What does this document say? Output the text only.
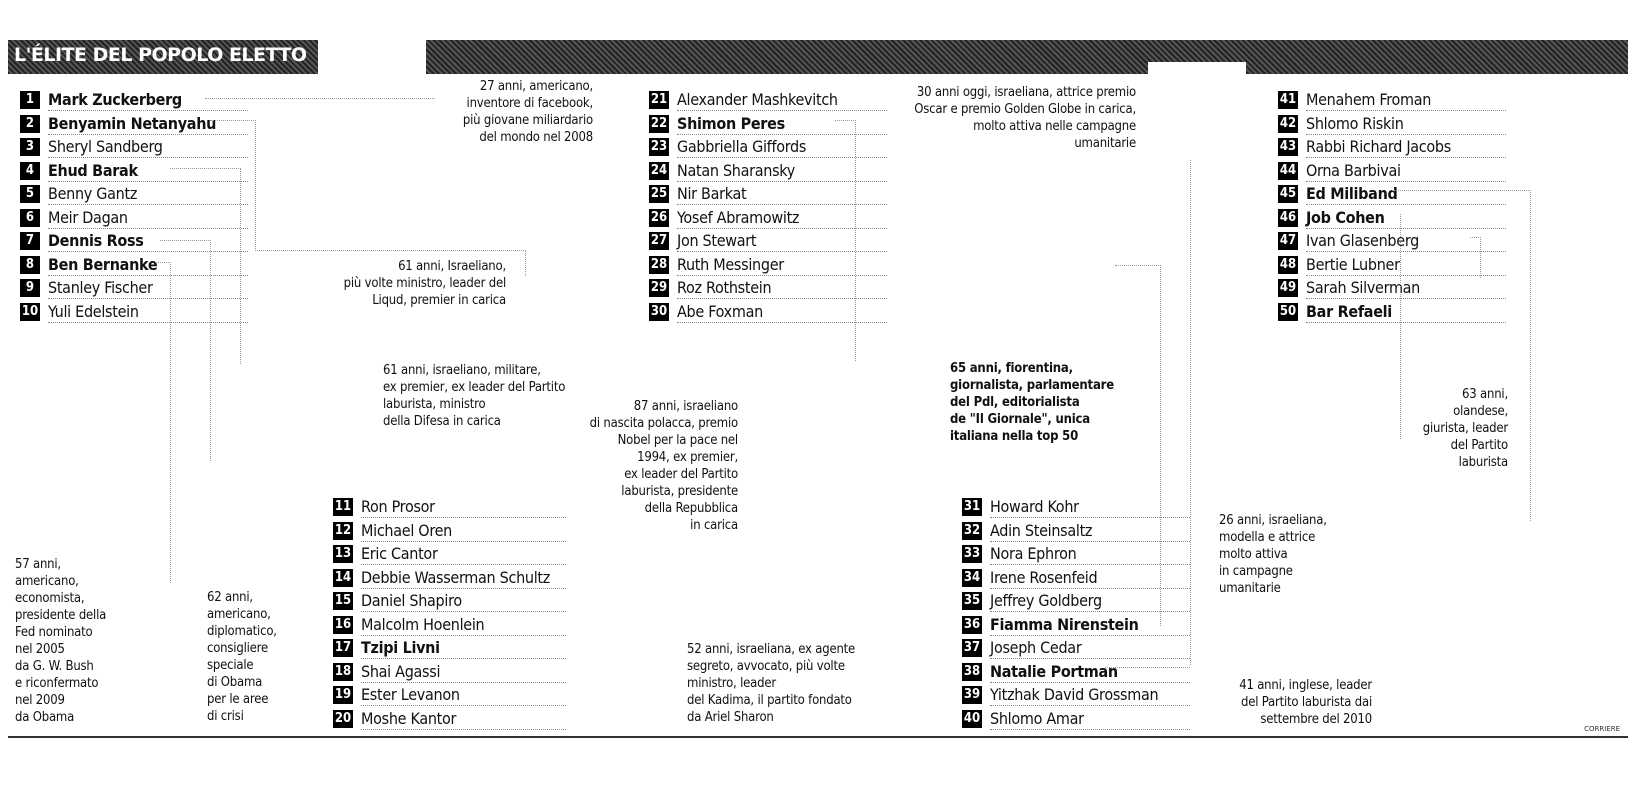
L'ÉLITE DEL POPOLO ELETTO
1 Mark Zuckerberg
2 Benyamin Netanyahu
3 Sheryl Sandberg
4 Ehud Barak
5 Benny Gantz
6 Meir Dagan
7 Dennis Ross
8 Ben Bernanke
9 Stanley Fischer
10 Yuli Edelstein
21 Alexander Mashkevitch
22 Shimon Peres
23 Gabbriella Giffords
24 Natan Sharansky
25 Nir Barkat
26 Yosef Abramowitz
27 Jon Stewart
28 Ruth Messinger
29 Roz Rothstein
30 Abe Foxman
41 Menahem Froman
42 Shlomo Riskin
43 Rabbi Richard Jacobs
44 Orna Barbivai
45 Ed Miliband
46 Job Cohen
47 Ivan Glasenberg
48 Bertie Lubner
49 Sarah Silverman
50 Bar Refaeli
11 Ron Prosor
12 Michael Oren
13 Eric Cantor
14 Debbie Wasserman Schultz
15 Daniel Shapiro
16 Malcolm Hoenlein
17 Tzipi Livni
18 Shai Agassi
19 Ester Levanon
20 Moshe Kantor
31 Howard Kohr
32 Adin Steinsaltz
33 Nora Ephron
34 Irene Rosenfeid
35 Jeffrey Goldberg
36 Fiamma Nirenstein
37 Joseph Cedar
38 Natalie Portman
39 Yitzhak David Grossman
40 Shlomo Amar
27 anni, americano,
inventore di facebook,
più giovane miliardario
del mondo nel 2008
61 anni, Israeliano,
più volte ministro, leader del
Liqud, premier in carica
61 anni, israeliano, militare,
ex premier, ex leader del Partito
laburista, ministro
della Difesa in carica
87 anni, israeliano
di nascita polacca, premio
Nobel per la pace nel
1994, ex premier,
ex leader del Partito
laburista, presidente
della Repubblica
in carica
30 anni oggi, israeliana, attrice premio
Oscar e premio Golden Globe in carica,
molto attiva nelle campagne
umanitarie
65 anni, fiorentina,
giornalista, parlamentare
del Pdl, editorialista
de "Il Giornale", unica
italiana nella top 50
63 anni,
olandese,
giurista, leader
del Partito
laburista
26 anni, israeliana,
modella e attrice
molto attiva
in campagne
umanitarie
57 anni,
americano,
economista,
presidente della
Fed nominato
nel 2005
da G. W. Bush
e riconfermato
nel 2009
da Obama
62 anni,
americano,
diplomatico,
consigliere
speciale
di Obama
per le aree
di crisi
52 anni, israeliana, ex agente
segreto, avvocato, più volte
ministro, leader
del Kadima, il partito fondato
da Ariel Sharon
41 anni, inglese, leader
del Partito laburista dai
settembre del 2010
CORRIERE
